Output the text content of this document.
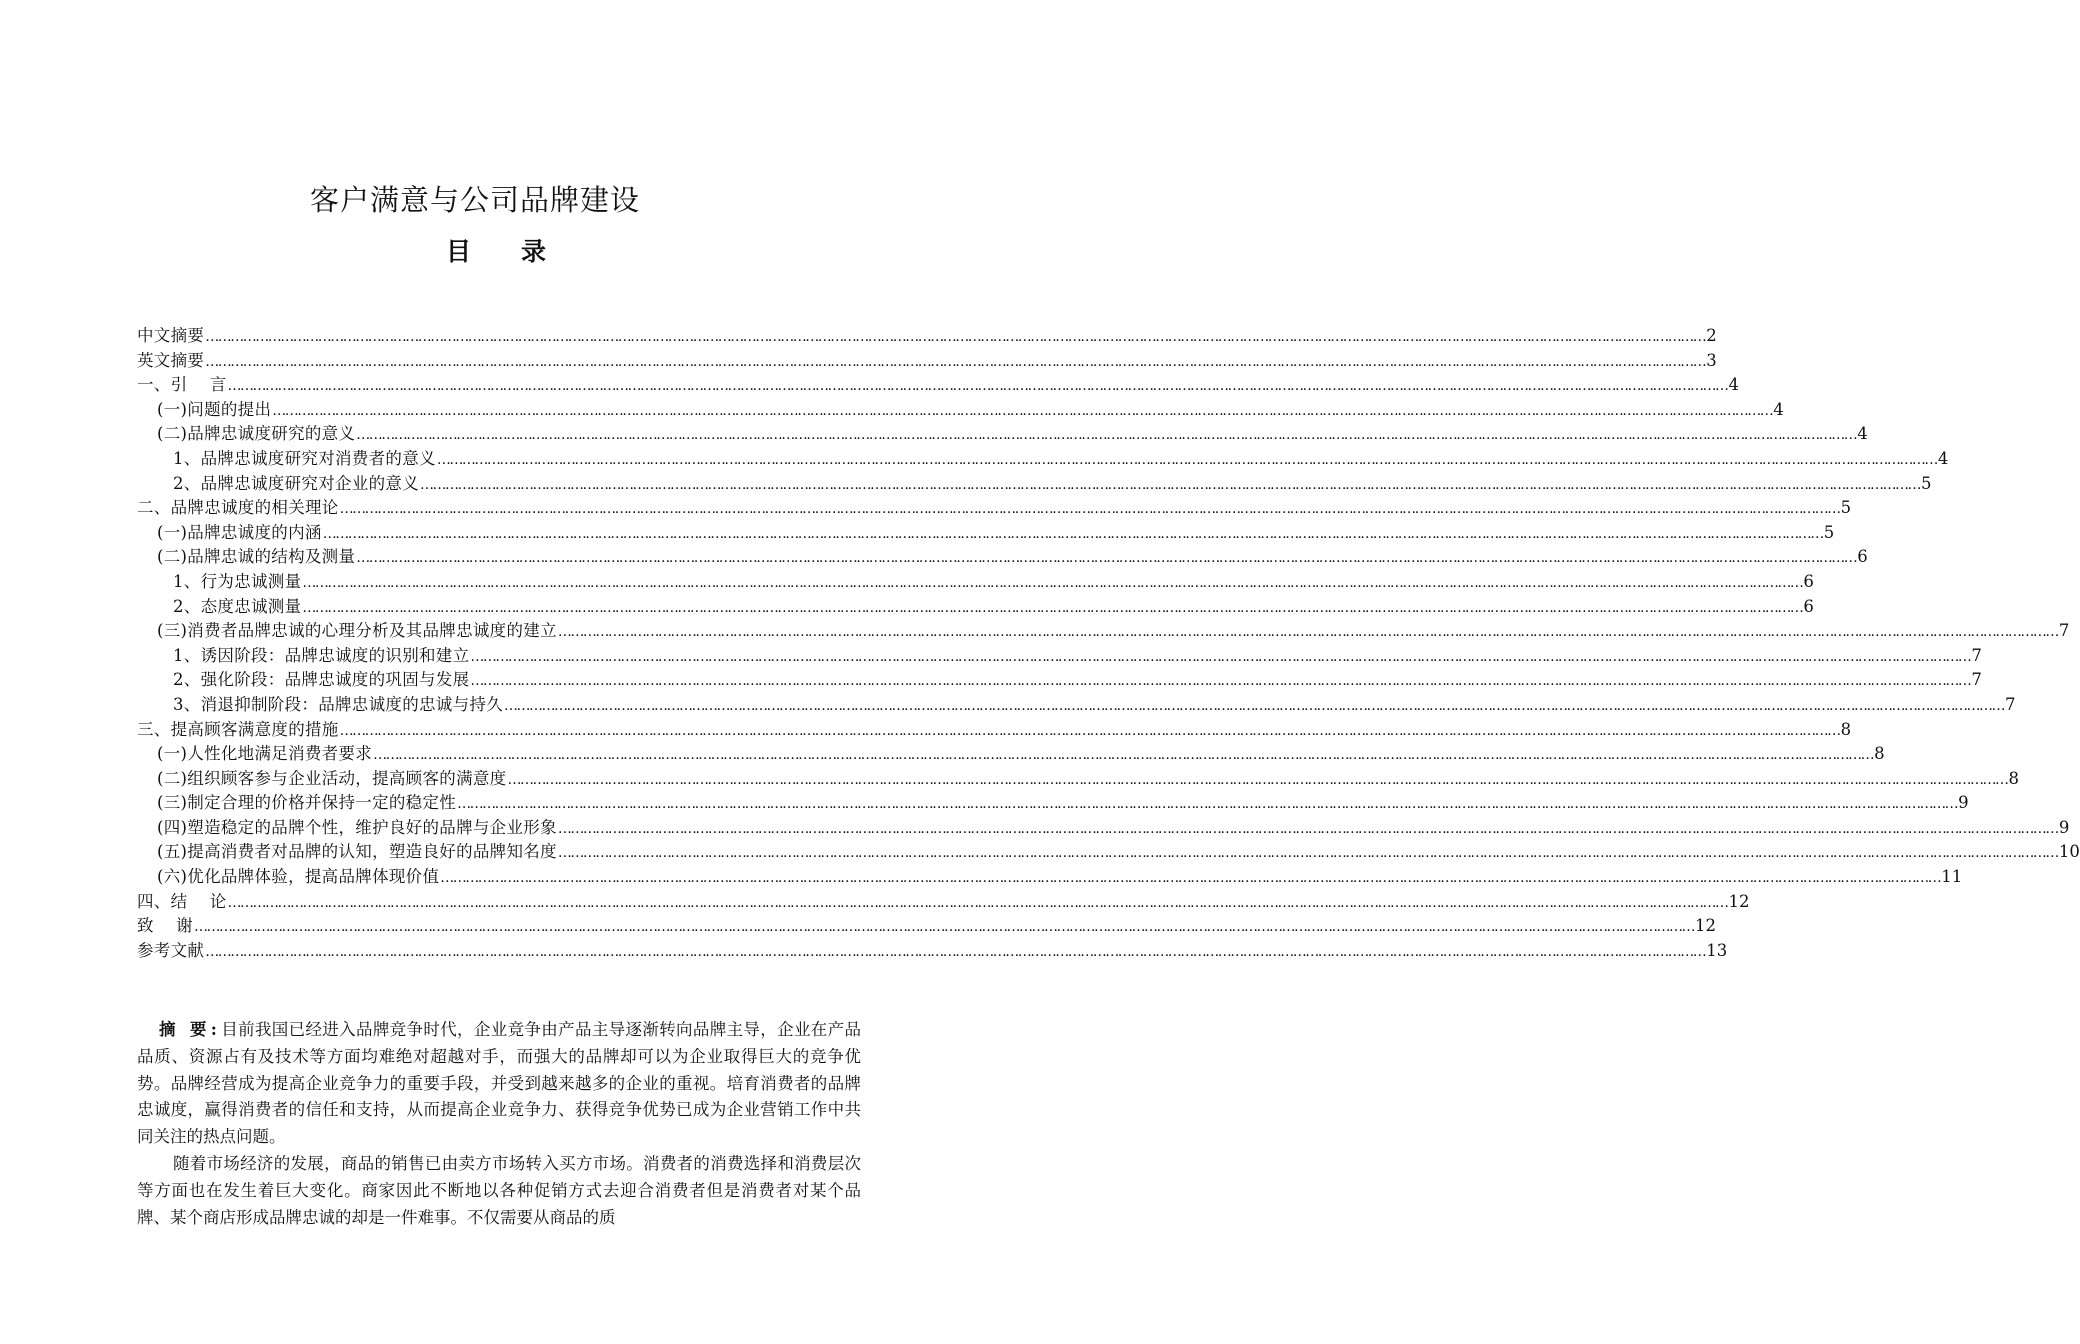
客户满意与公司品牌建设
目　　录
中文摘要 ……………………………………………………………………………………………………………………………………………………………………………………………………………………………………………………………………………………………………………………………… 2
英文摘要 ……………………………………………………………………………………………………………………………………………………………………………………………………………………………………………………………………………………………………………………………… 3
一、引　 言 ……………………………………………………………………………………………………………………………………………………………………………………………………………………………………………………………………………………………………………………………… 4
(一)问题的提出 ……………………………………………………………………………………………………………………………………………………………………………………………………………………………………………………………………………………………………………………………… 4
(二)品牌忠诚度研究的意义 ……………………………………………………………………………………………………………………………………………………………………………………………………………………………………………………………………………………………………………………………… 4
1、品牌忠诚度研究对消费者的意义 ……………………………………………………………………………………………………………………………………………………………………………………………………………………………………………………………………………………………………………………………… 4
2、品牌忠诚度研究对企业的意义 ……………………………………………………………………………………………………………………………………………………………………………………………………………………………………………………………………………………………………………………………… 5
二、品牌忠诚度的相关理论 ……………………………………………………………………………………………………………………………………………………………………………………………………………………………………………………………………………………………………………………………… 5
(一)品牌忠诚度的内涵 ……………………………………………………………………………………………………………………………………………………………………………………………………………………………………………………………………………………………………………………………… 5
(二)品牌忠诚的结构及测量 ……………………………………………………………………………………………………………………………………………………………………………………………………………………………………………………………………………………………………………………………… 6
1、行为忠诚测量 ……………………………………………………………………………………………………………………………………………………………………………………………………………………………………………………………………………………………………………………………… 6
2、态度忠诚测量 ……………………………………………………………………………………………………………………………………………………………………………………………………………………………………………………………………………………………………………………………… 6
(三)消费者品牌忠诚的心理分析及其品牌忠诚度的建立 ……………………………………………………………………………………………………………………………………………………………………………………………………………………………………………………………………………………………………………………………… 7
1、诱因阶段：品牌忠诚度的识别和建立 ……………………………………………………………………………………………………………………………………………………………………………………………………………………………………………………………………………………………………………………………… 7
2、强化阶段：品牌忠诚度的巩固与发展 ……………………………………………………………………………………………………………………………………………………………………………………………………………………………………………………………………………………………………………………………… 7
3、消退抑制阶段：品牌忠诚度的忠诚与持久 ……………………………………………………………………………………………………………………………………………………………………………………………………………………………………………………………………………………………………………………………… 7
三、提高顾客满意度的措施 ……………………………………………………………………………………………………………………………………………………………………………………………………………………………………………………………………………………………………………………………… 8
(一)人性化地满足消费者要求 ……………………………………………………………………………………………………………………………………………………………………………………………………………………………………………………………………………………………………………………………… 8
(二)组织顾客参与企业活动，提高顾客的满意度 ……………………………………………………………………………………………………………………………………………………………………………………………………………………………………………………………………………………………………………………………… 8
(三)制定合理的价格并保持一定的稳定性 ……………………………………………………………………………………………………………………………………………………………………………………………………………………………………………………………………………………………………………………………… 9
(四)塑造稳定的品牌个性，维护良好的品牌与企业形象 ……………………………………………………………………………………………………………………………………………………………………………………………………………………………………………………………………………………………………………………………… 9
(五)提高消费者对品牌的认知，塑造良好的品牌知名度 ……………………………………………………………………………………………………………………………………………………………………………………………………………………………………………………………………………………………………………………………… 10
(六)优化品牌体验，提高品牌体现价值 ……………………………………………………………………………………………………………………………………………………………………………………………………………………………………………………………………………………………………………………………… 11
四、结　 论 ……………………………………………………………………………………………………………………………………………………………………………………………………………………………………………………………………………………………………………………………… 12
致　 谢 ……………………………………………………………………………………………………………………………………………………………………………………………………………………………………………………………………………………………………………………………… 12
参考文献 ……………………………………………………………………………………………………………………………………………………………………………………………………………………………………………………………………………………………………………………………… 13

摘 要:目前我国已经进入品牌竞争时代，企业竞争由产品主导逐渐转向品牌主导，企业在产品品质、资源占有及技术等方面均难绝对超越对手，而强大的品牌却可以为企业取得巨大的竞争优势。品牌经营成为提高企业竞争力的重要手段，并受到越来越多的企业的重视。培育消费者的品牌忠诚度，赢得消费者的信任和支持，从而提高企业竞争力、获得竞争优势已成为企业营销工作中共同关注的热点问题。

随着市场经济的发展，商品的销售已由卖方市场转入买方市场。消费者的消费选择和消费层次等方面也在发生着巨大变化。商家因此不断地以各种促销方式去迎合消费者但是消费者对某个品牌、某个商店形成品牌忠诚的却是一件难事。不仅需要从商品的质
